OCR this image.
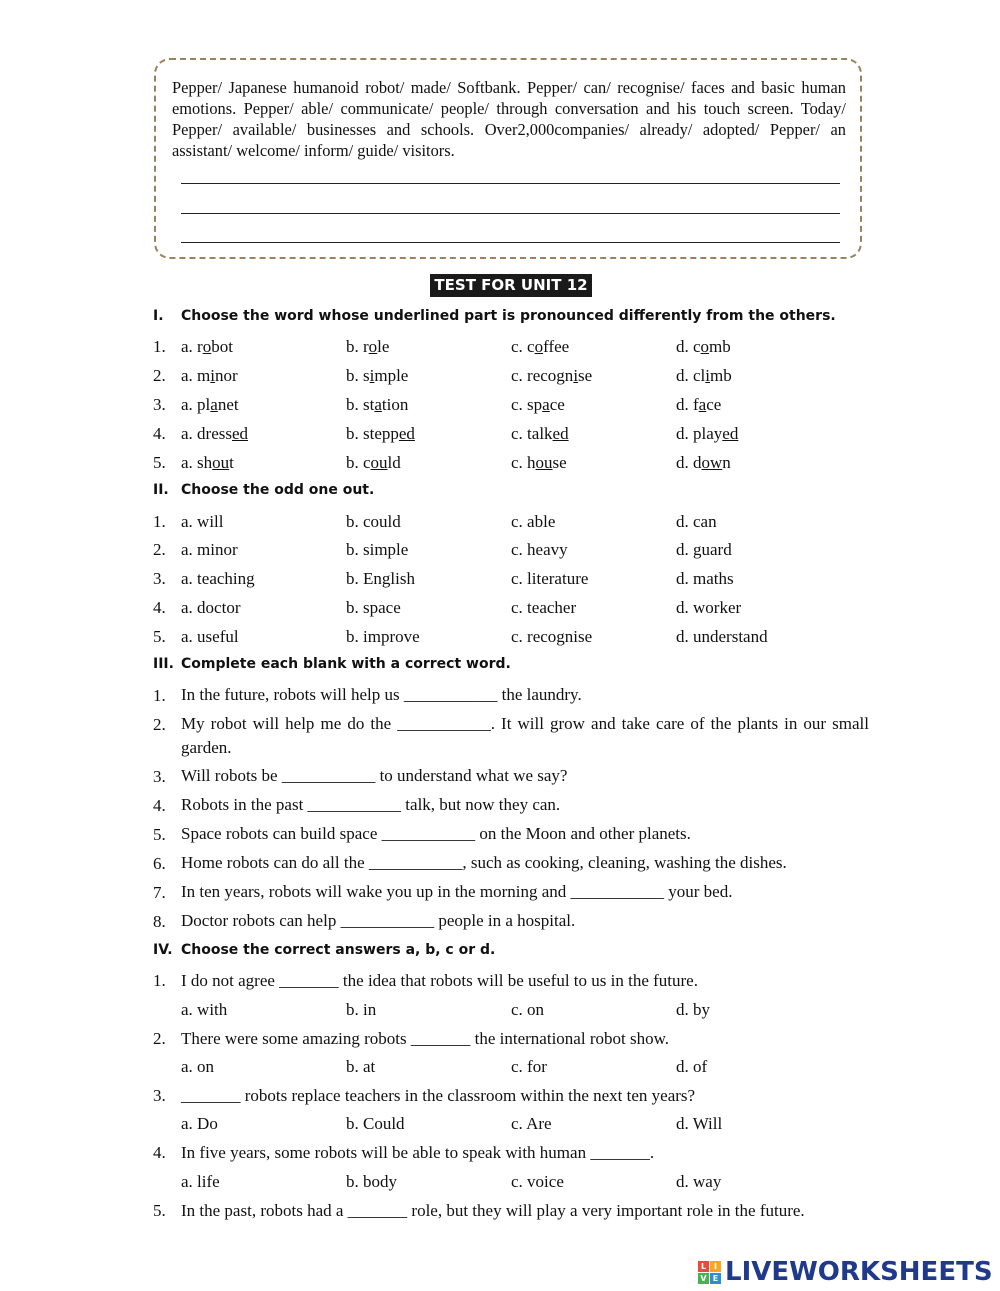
Pepper/ Japanese humanoid robot/ made/ Softbank. Pepper/ can/ recognise/ faces and basic human emotions. Pepper/ able/ communicate/ people/ through conversation and his touch screen. Today/ Pepper/ available/ businesses and schools. Over2,000companies/ already/ adopted/ Pepper/ an assistant/ welcome/ inform/ guide/ visitors.
TEST FOR UNIT 12
I. Choose the word whose underlined part is pronounced differently from the others.
1. a. robot	b. role	c. coffee	d. comb
2. a. minor	b. simple	c. recognise	d. climb
3. a. planet	b. station	c. space	d. face
4. a. dressed	b. stepped	c. talked	d. played
5. a. shout	b. could	c. house	d. down
II. Choose the odd one out.
1. a. will	b. could	c. able	d. can
2. a. minor	b. simple	c. heavy	d. guard
3. a. teaching	b. English	c. literature	d. maths
4. a. doctor	b. space	c. teacher	d. worker
5. a. useful	b. improve	c. recognise	d. understand
III. Complete each blank with a correct word.
1. In the future, robots will help us ___________ the laundry.
2. My robot will help me do the ___________. It will grow and take care of the plants in our small garden.
3. Will robots be ___________ to understand what we say?
4. Robots in the past ___________ talk, but now they can.
5. Space robots can build space ___________ on the Moon and other planets.
6. Home robots can do all the ___________, such as cooking, cleaning, washing the dishes.
7. In ten years, robots will wake you up in the morning and ___________ your bed.
8. Doctor robots can help ___________ people in a hospital.
IV. Choose the correct answers a, b, c or d.
1. I do not agree _______ the idea that robots will be useful to us in the future.
a. with	b. in	c. on	d. by
2. There were some amazing robots _______ the international robot show.
a. on	b. at	c. for	d. of
3. _______ robots replace teachers in the classroom within the next ten years?
a. Do	b. Could	c. Are	d. Will
4. In five years, some robots will be able to speak with human _______.
a. life	b. body	c. voice	d. way
5. In the past, robots had a _______ role, but they will play a very important role in the future.
L I
V E LIVEWORKSHEETS
